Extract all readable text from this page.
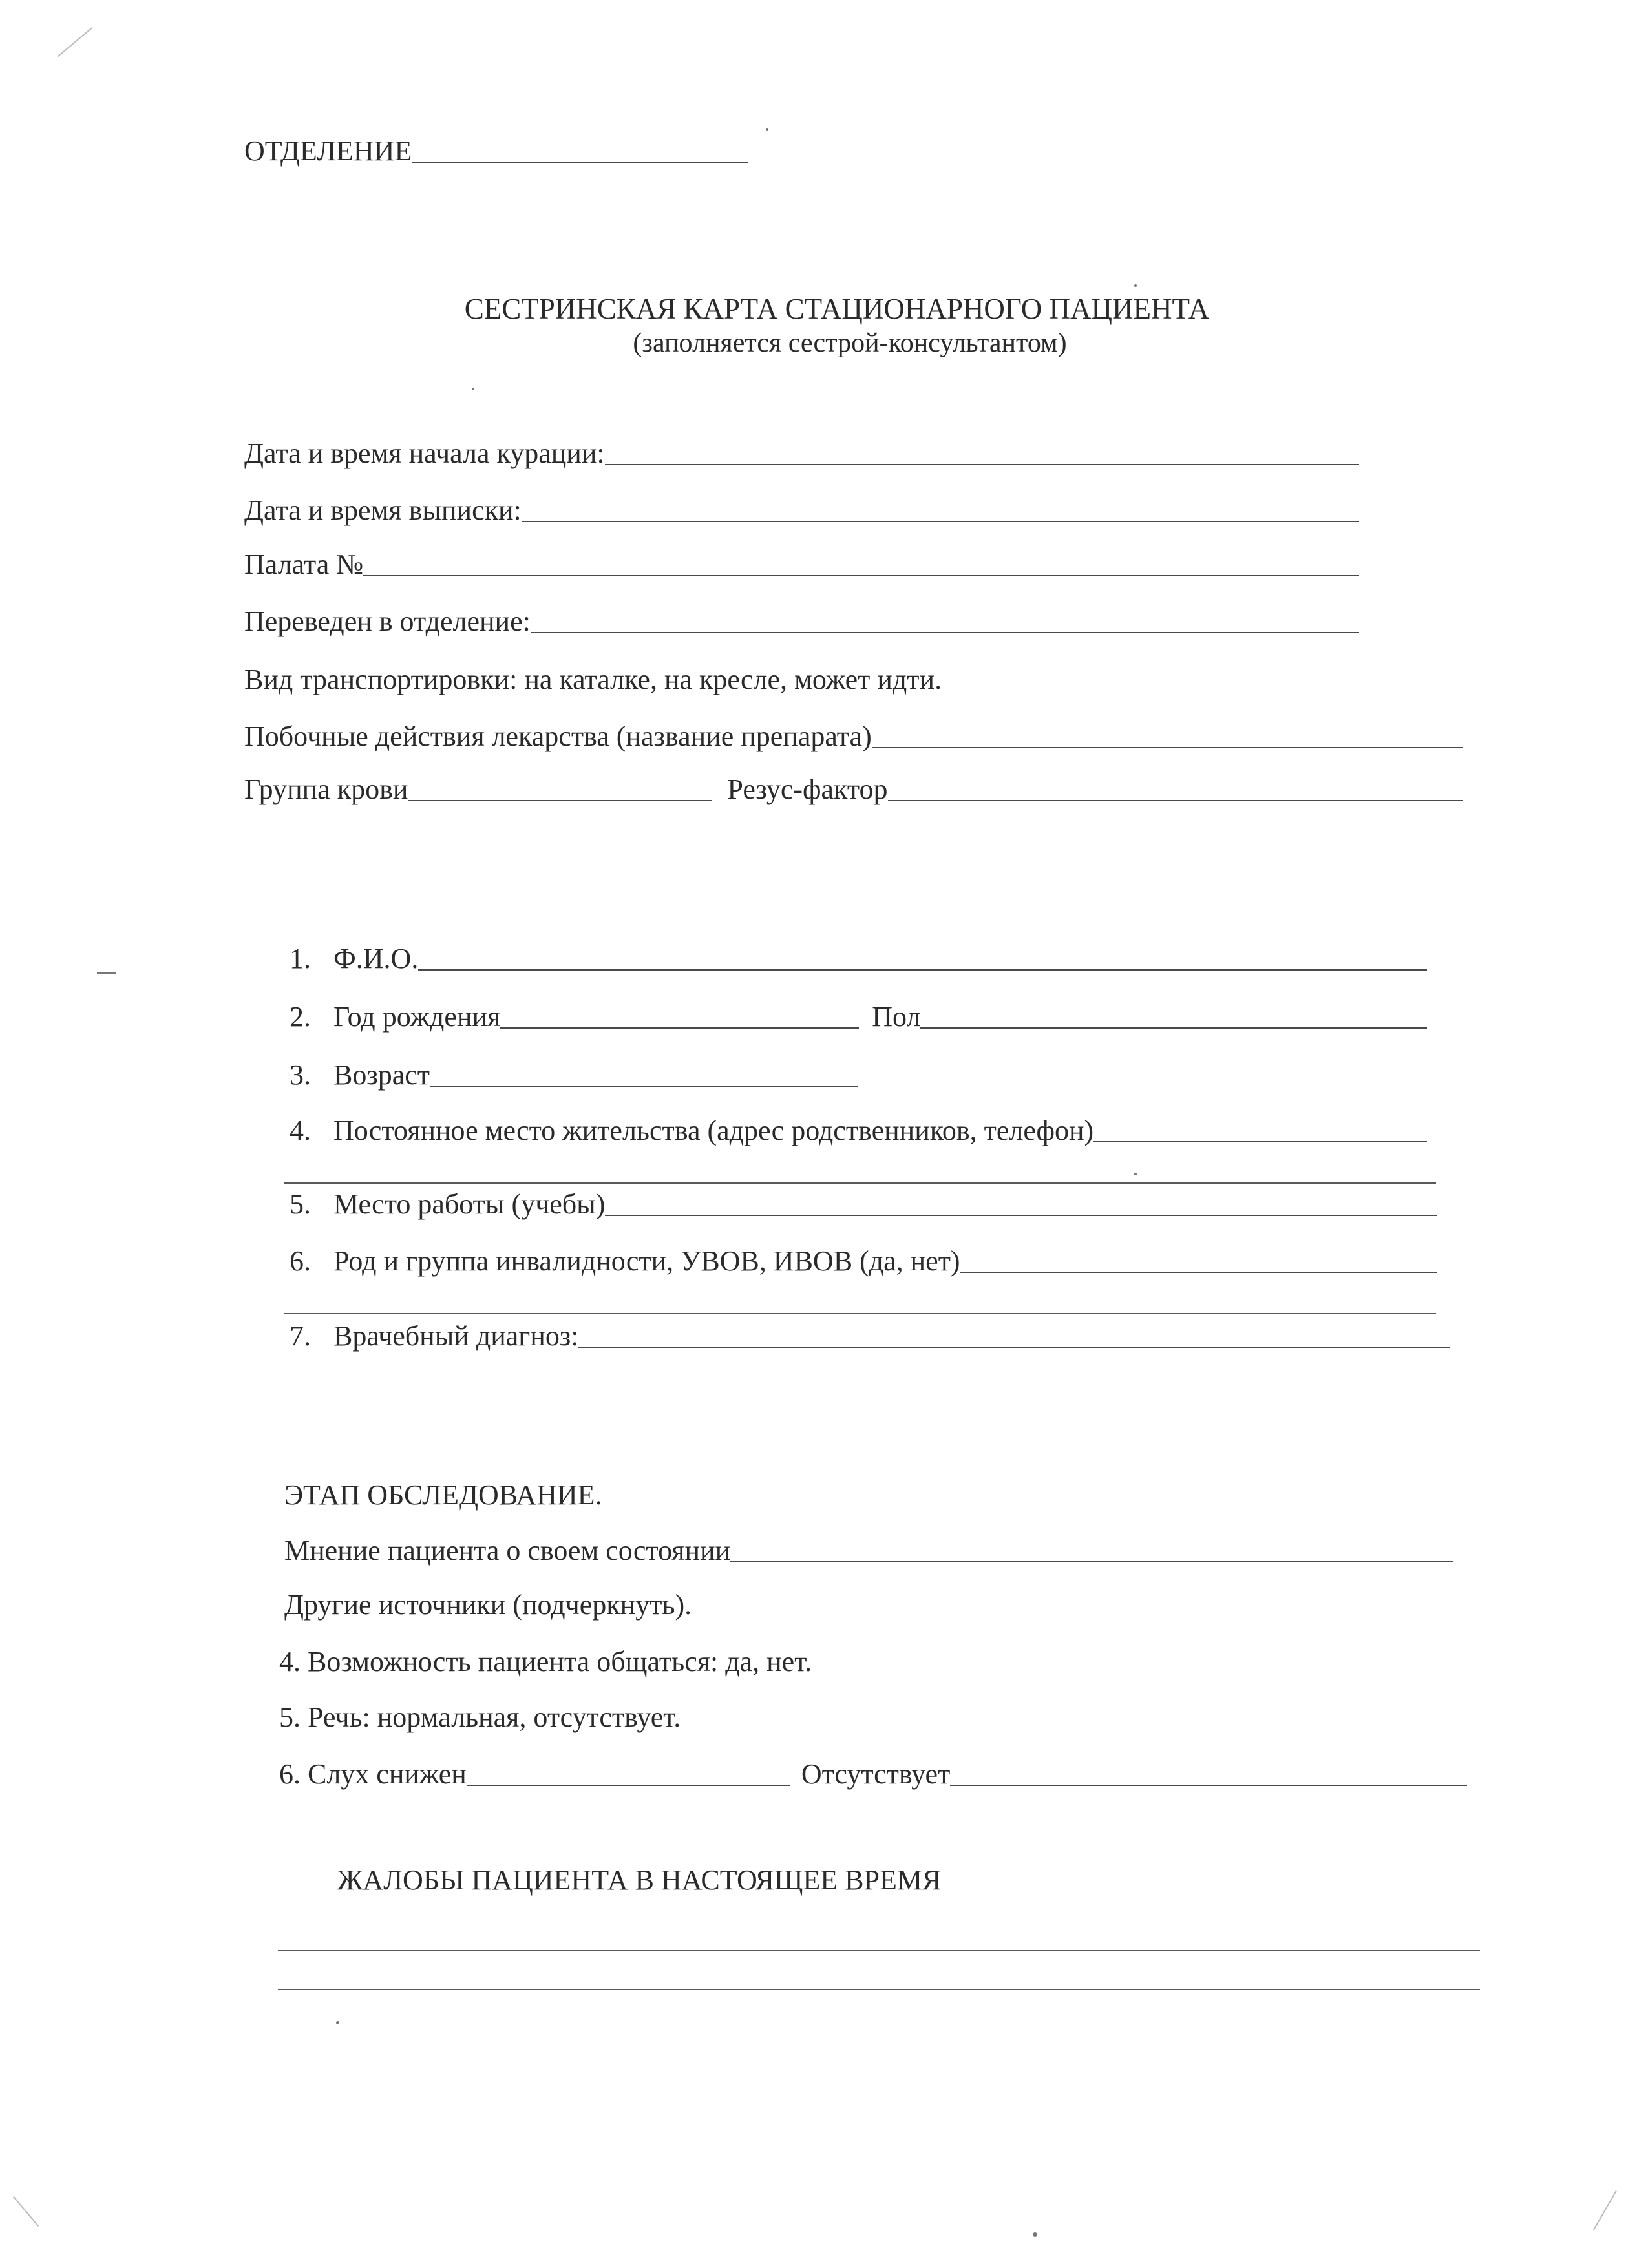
ОТДЕЛЕНИЕ
СЕСТРИНСКАЯ КАРТА СТАЦИОНАРНОГО ПАЦИЕНТА
(заполняется сестрой-консультантом)
Дата и время начала курации:
Дата и время выписки:
Палата №
Переведен в отделение:
Вид транспортировки: на каталке, на кресле, может идти.
Побочные действия лекарства (название препарата)
Группа крови	Резус-фактор
1. Ф.И.О.
2. Год рождения	Пол
3. Возраст
4. Постоянное место жительства (адрес родственников, телефон)
5. Место работы (учебы)
6. Род и группа инвалидности, УВОВ, ИВОВ (да, нет)
7. Врачебный диагноз:
ЭТАП ОБСЛЕДОВАНИЕ.
Мнение пациента о своем состоянии
Другие источники (подчеркнуть).
4. Возможность пациента общаться: да, нет.
5. Речь: нормальная, отсутствует.
6. Слух снижен	Отсутствует
ЖАЛОБЫ ПАЦИЕНТА В НАСТОЯЩЕЕ ВРЕМЯ
